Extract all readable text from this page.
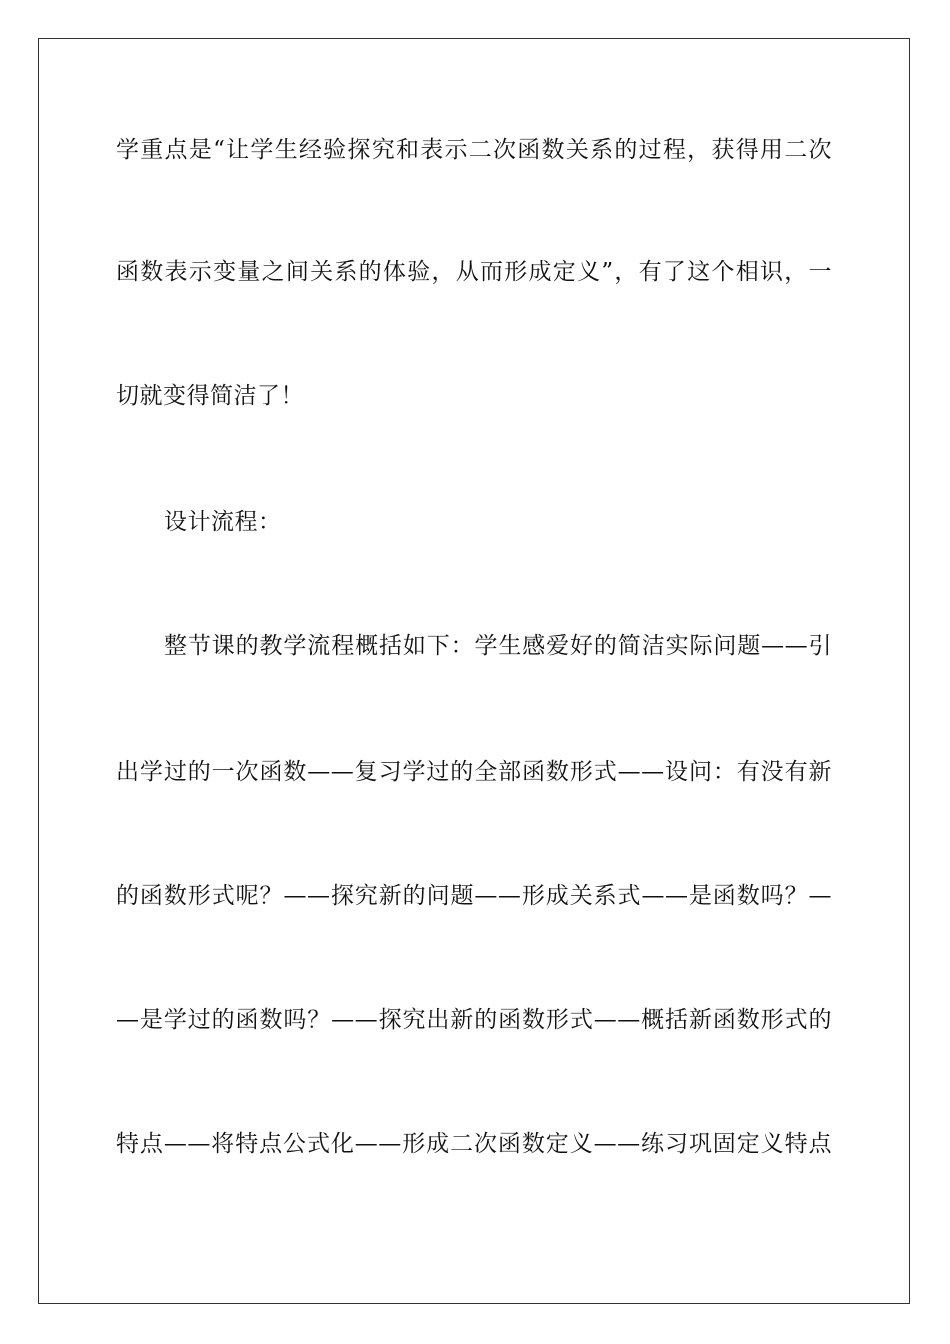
学重点是“让学生经验探究和表示二次函数关系的过程，获得用二次
函数表示变量之间关系的体验，从而形成定义”，有了这个相识，一
切就变得简洁了！
设计流程：
整节课的教学流程概括如下：学生感爱好的简洁实际问题——引
出学过的一次函数——复习学过的全部函数形式——设问：有没有新
的函数形式呢？——探究新的问题——形成关系式——是函数吗？—
—是学过的函数吗？——探究出新的函数形式——概括新函数形式的
特点——将特点公式化——形成二次函数定义——练习巩固定义特点
